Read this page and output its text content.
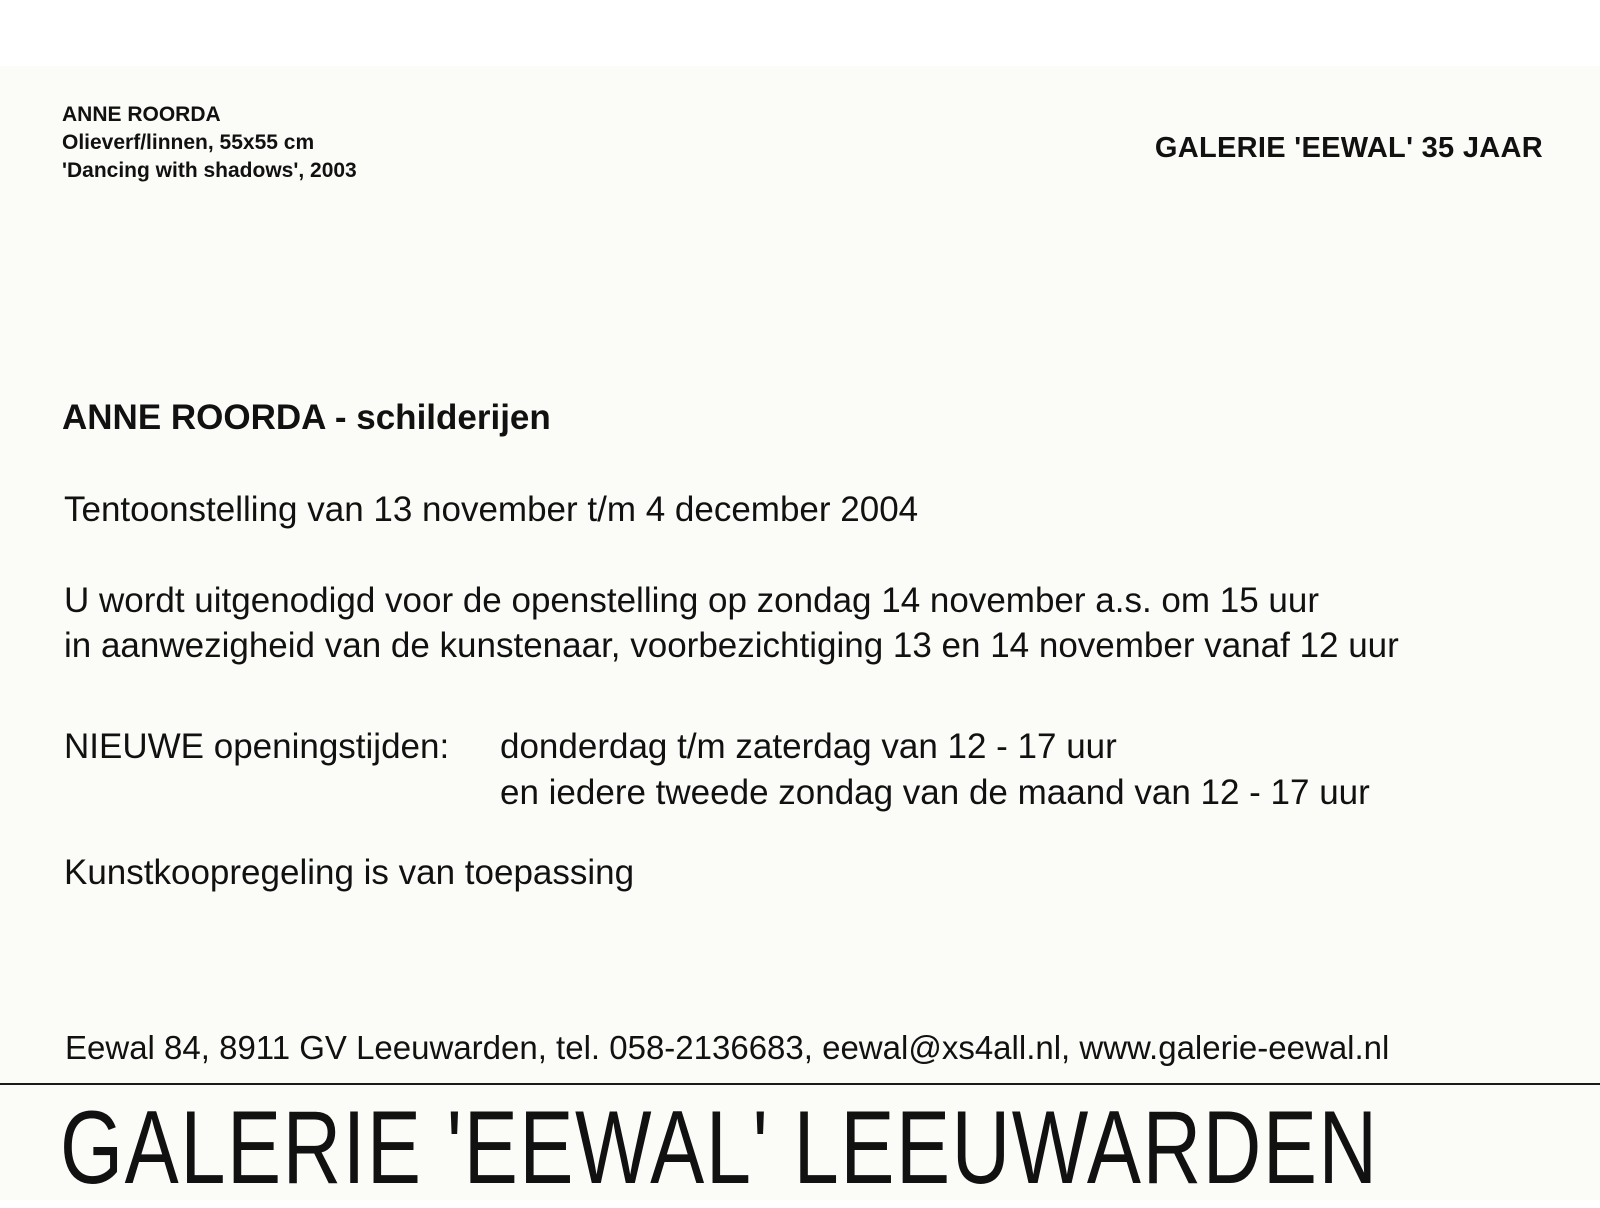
ANNE ROORDA
Olieverf/linnen, 55x55 cm
'Dancing with shadows', 2003
GALERIE 'EEWAL' 35 JAAR
ANNE ROORDA - schilderijen
Tentoonstelling van 13 november t/m 4 december 2004
U wordt uitgenodigd voor de openstelling op zondag 14 november a.s. om 15 uur
in aanwezigheid van de kunstenaar, voorbezichtiging 13 en 14 november vanaf 12 uur
NIEUWE openingstijden: donderdag t/m zaterdag van 12 - 17 uur
en iedere tweede zondag van de maand van 12 - 17 uur
Kunstkoopregeling is van toepassing
Eewal 84, 8911 GV Leeuwarden, tel. 058-2136683, eewal@xs4all.nl, www.galerie-eewal.nl
GALERIE 'EEWAL' LEEUWARDEN
